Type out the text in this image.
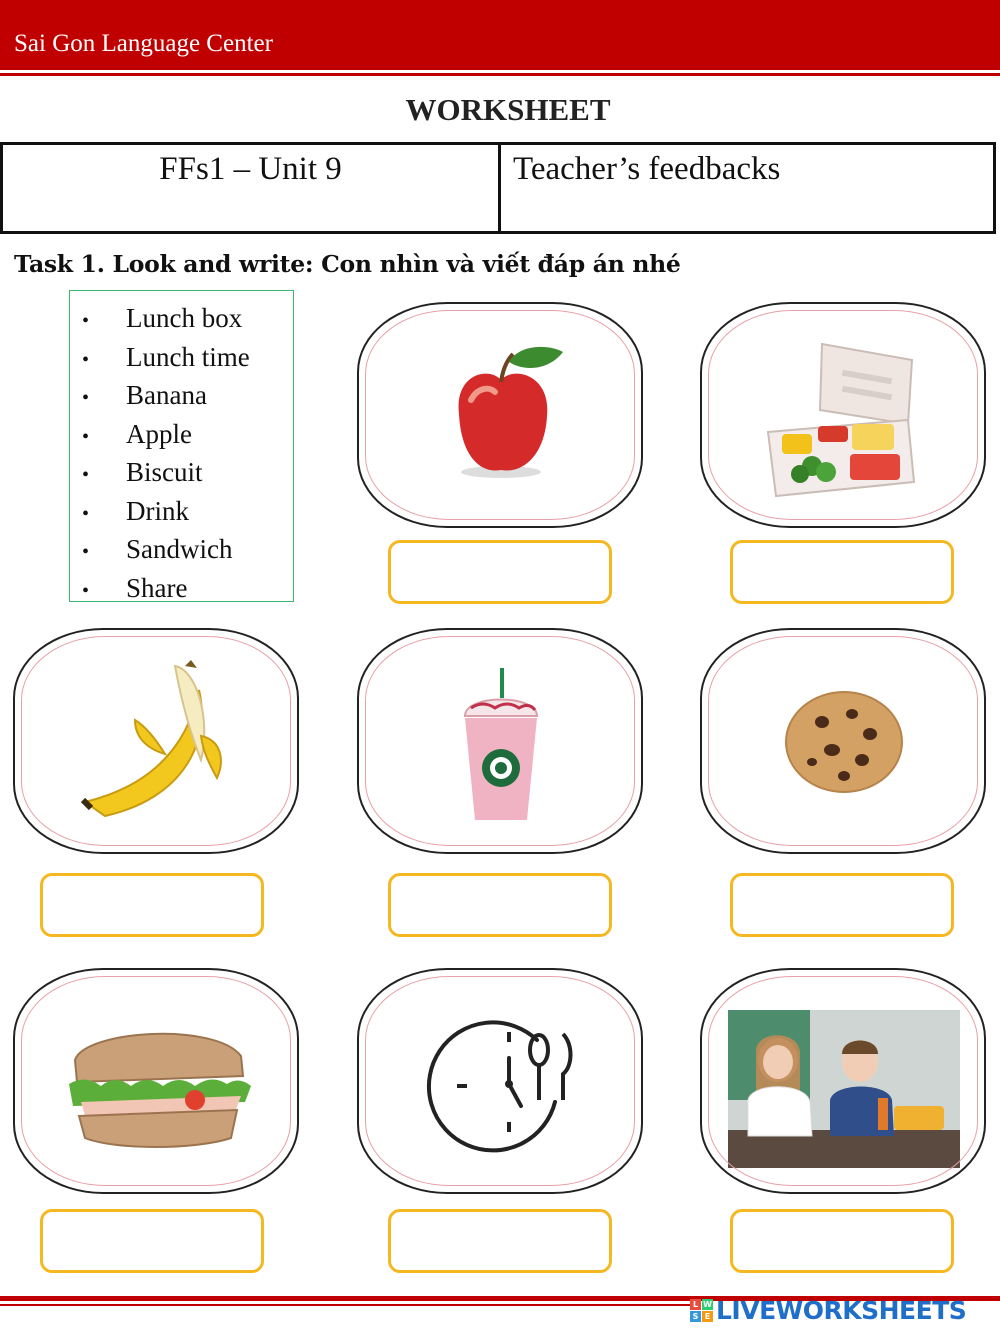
Sai Gon Language Center
WORKSHEET
FFs1 – Unit 9	Teacher’s feedbacks
Task 1. Look and write: Con nhìn và viết đáp án nhé
• Lunch box
• Lunch time
• Banana
• Apple
• Biscuit
• Drink
• Sandwich
• Share
L W
S E LIVEWORKSHEETS
